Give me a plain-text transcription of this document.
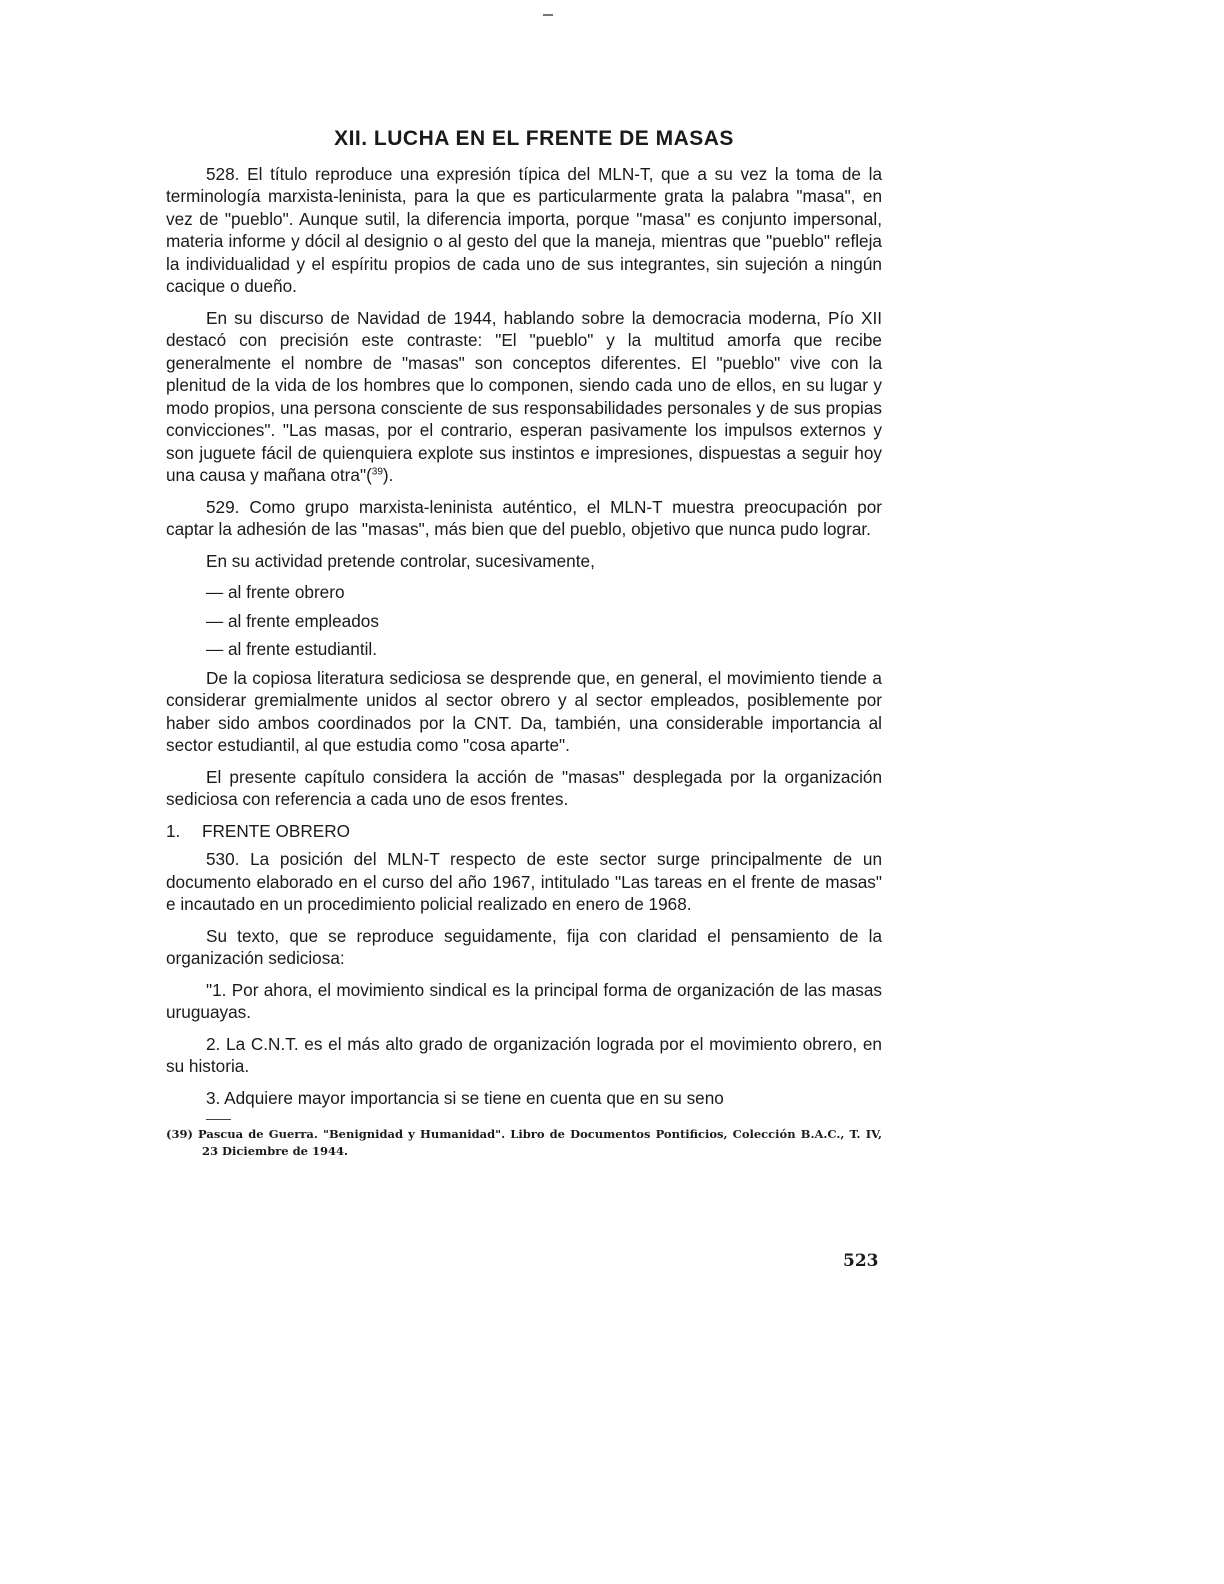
XII. LUCHA EN EL FRENTE DE MASAS

528. El título reproduce una expresión típica del MLN-T, que a su vez la toma de la terminología marxista-leninista, para la que es particularmente grata la palabra "masa", en vez de "pueblo". Aunque sutil, la diferencia importa, porque "masa" es conjunto impersonal, materia informe y dócil al designio o al gesto del que la maneja, mientras que "pueblo" refleja la individualidad y el espíritu propios de cada uno de sus integrantes, sin sujeción a ningún cacique o dueño.

En su discurso de Navidad de 1944, hablando sobre la democracia moderna, Pío XII destacó con precisión este contraste: "El "pueblo" y la multitud amorfa que recibe generalmente el nombre de "masas" son conceptos diferentes. El "pueblo" vive con la plenitud de la vida de los hombres que lo componen, siendo cada uno de ellos, en su lugar y modo propios, una persona consciente de sus responsabilidades personales y de sus propias convicciones". "Las masas, por el contrario, esperan pasivamente los impulsos externos y son juguete fácil de quienquiera explote sus instintos e impresiones, dispuestas a seguir hoy una causa y mañana otra"($^{39}$).

529. Como grupo marxista-leninista auténtico, el MLN-T muestra preocupación por captar la adhesión de las "masas", más bien que del pueblo, objetivo que nunca pudo lograr.

En su actividad pretende controlar, sucesivamente,

— al frente obrero
— al frente empleados
— al frente estudiantil.

De la copiosa literatura sediciosa se desprende que, en general, el movimiento tiende a considerar gremialmente unidos al sector obrero y al sector empleados, posiblemente por haber sido ambos coordinados por la CNT. Da, también, una considerable importancia al sector estudiantil, al que estudia como "cosa aparte".

El presente capítulo considera la acción de "masas" desplegada por la organización sediciosa con referencia a cada uno de esos frentes.

1. FRENTE OBRERO

530. La posición del MLN-T respecto de este sector surge principalmente de un documento elaborado en el curso del año 1967, intitulado "Las tareas en el frente de masas" e incautado en un procedimiento policial realizado en enero de 1968.

Su texto, que se reproduce seguidamente, fija con claridad el pensamiento de la organización sediciosa:

"1. Por ahora, el movimiento sindical es la principal forma de organización de las masas uruguayas.

2. La C.N.T. es el más alto grado de organización lograda por el movimiento obrero, en su historia.

3. Adquiere mayor importancia si se tiene en cuenta que en su seno

(39) Pascua de Guerra. "Benignidad y Humanidad". Libro de Documentos Pontificios, Colección B.A.C., T. IV, 23 Diciembre de 1944.
523
